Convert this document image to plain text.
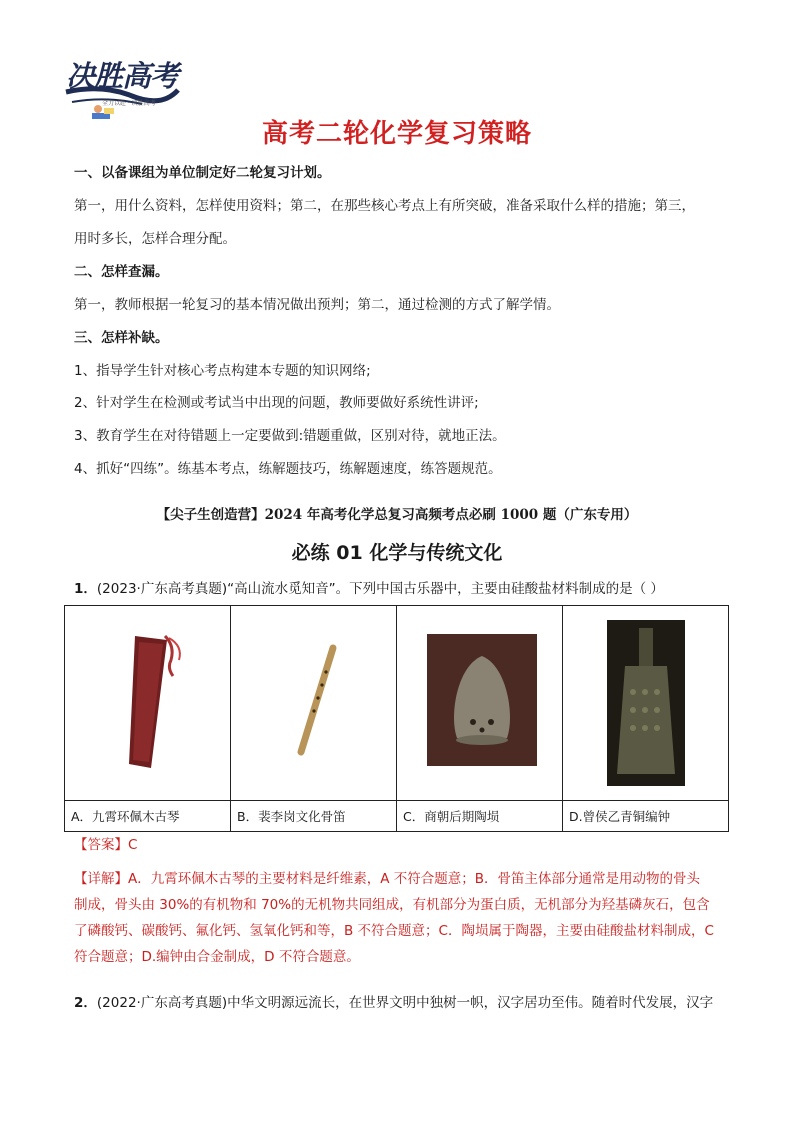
决胜高考
全力以赴 · 决胜高考
高考二轮化学复习策略
一、以备课组为单位制定好二轮复习计划。
第一，用什么资料，怎样使用资料；第二，在那些核心考点上有所突破，准备采取什么样的措施；第三，
用时多长，怎样合理分配。
二、怎样查漏。
第一，教师根据一轮复习的基本情况做出预判；第二，通过检测的方式了解学情。
三、怎样补缺。
1、指导学生针对核心考点构建本专题的知识网络;
2、针对学生在检测或考试当中出现的问题，教师要做好系统性讲评;
3、教育学生在对待错题上一定要做到:错题重做，区别对待，就地正法。
4、抓好“四练”。练基本考点，练解题技巧，练解题速度，练答题规范。
【尖子生创造营】2024 年高考化学总复习高频考点必刷 1000 题（广东专用）
必练 01 化学与传统文化
1．(2023·广东高考真题)“高山流水觅知音”。下列中国古乐器中，主要由硅酸盐材料制成的是（ ）

A．九霄环佩木古琴	B．裴李岗文化骨笛	C．商朝后期陶埙	D.曾侯乙青铜编钟
【答案】C
【详解】A．九霄环佩木古琴的主要材料是纤维素，A 不符合题意；B．骨笛主体部分通常是用动物的骨头
制成，骨头由 30%的有机物和 70%的无机物共同组成，有机部分为蛋白质，无机部分为羟基磷灰石，包含
了磷酸钙、碳酸钙、氟化钙、氢氧化钙和等，B 不符合题意；C．陶埙属于陶器，主要由硅酸盐材料制成，C
符合题意；D.编钟由合金制成，D 不符合题意。
2．(2022·广东高考真题)中华文明源远流长，在世界文明中独树一帜，汉字居功至伟。随着时代发展，汉字
